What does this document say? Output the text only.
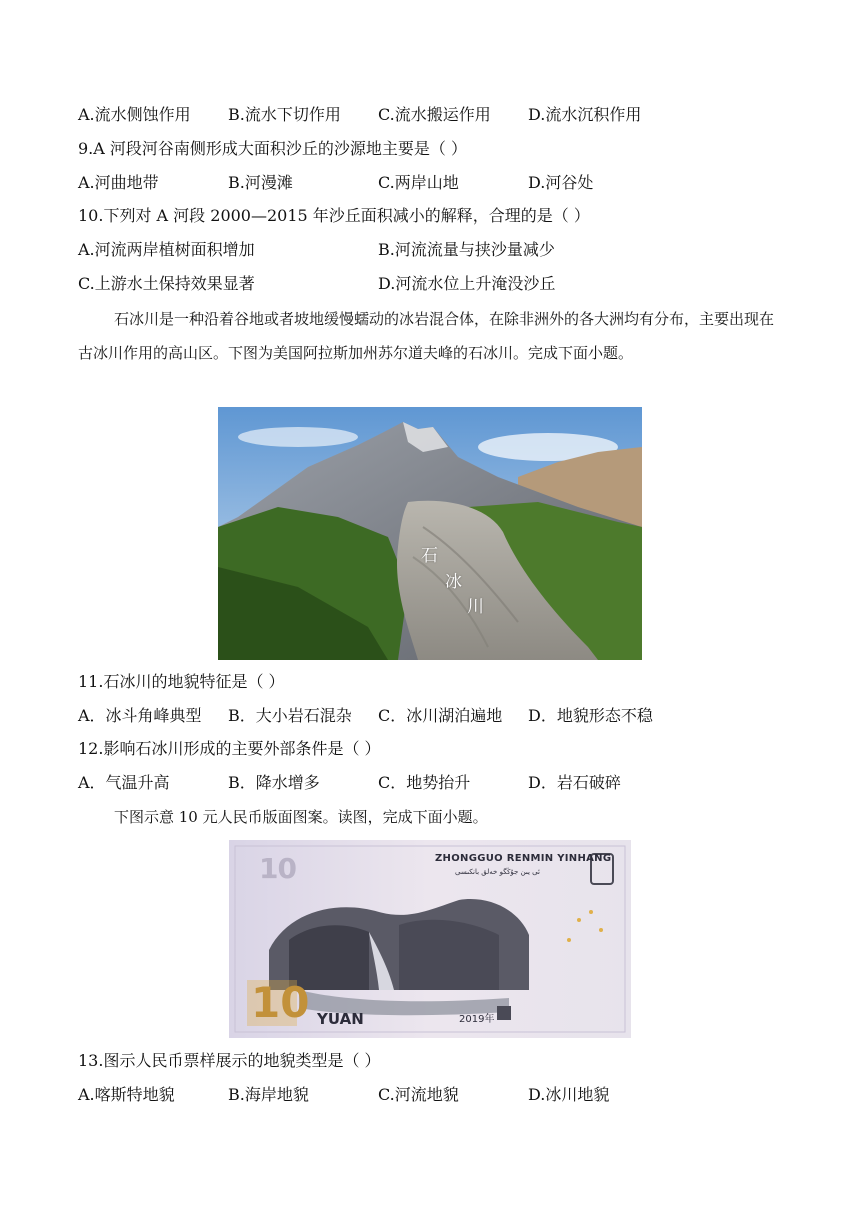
A.流水侧蚀作用 B.流水下切作用 C.流水搬运作用 D.流水沉积作用
9.A 河段河谷南侧形成大面积沙丘的沙源地主要是（ ）
A.河曲地带	B.河漫滩	C.两岸山地	D.河谷处
10.下列对 A 河段 2000—2015 年沙丘面积减小的解释，合理的是（ ）
A.河流两岸植树面积增加	B.河流流量与挟沙量减少
C.上游水土保持效果显著	D.河流水位上升淹没沙丘
石冰川是一种沿着谷地或者坡地缓慢蠕动的冰岩混合体，在除非洲外的各大洲均有分布，主要出现在古冰川作用的高山区。下图为美国阿拉斯加州苏尔道夫峰的石冰川。完成下面小题。
石
冰
川
11.石冰川的地貌特征是（ ）
A．冰斗角峰典型 B．大小岩石混杂 C．冰川湖泊遍地 D．地貌形态不稳
12.影响石冰川形成的主要外部条件是（ ）
A．气温升高	B．降水增多	C．地势抬升	D．岩石破碎
下图示意 10 元人民币版面图案。读图，完成下面小题。
10	ZHONGGUO RENMIN YINHANG
ئى يىن جۇڭگو خەلق بانكىسى
10 YUAN	2019年
13.图示人民币票样展示的地貌类型是（ ）
A.喀斯特地貌	B.海岸地貌	C.河流地貌	D.冰川地貌
